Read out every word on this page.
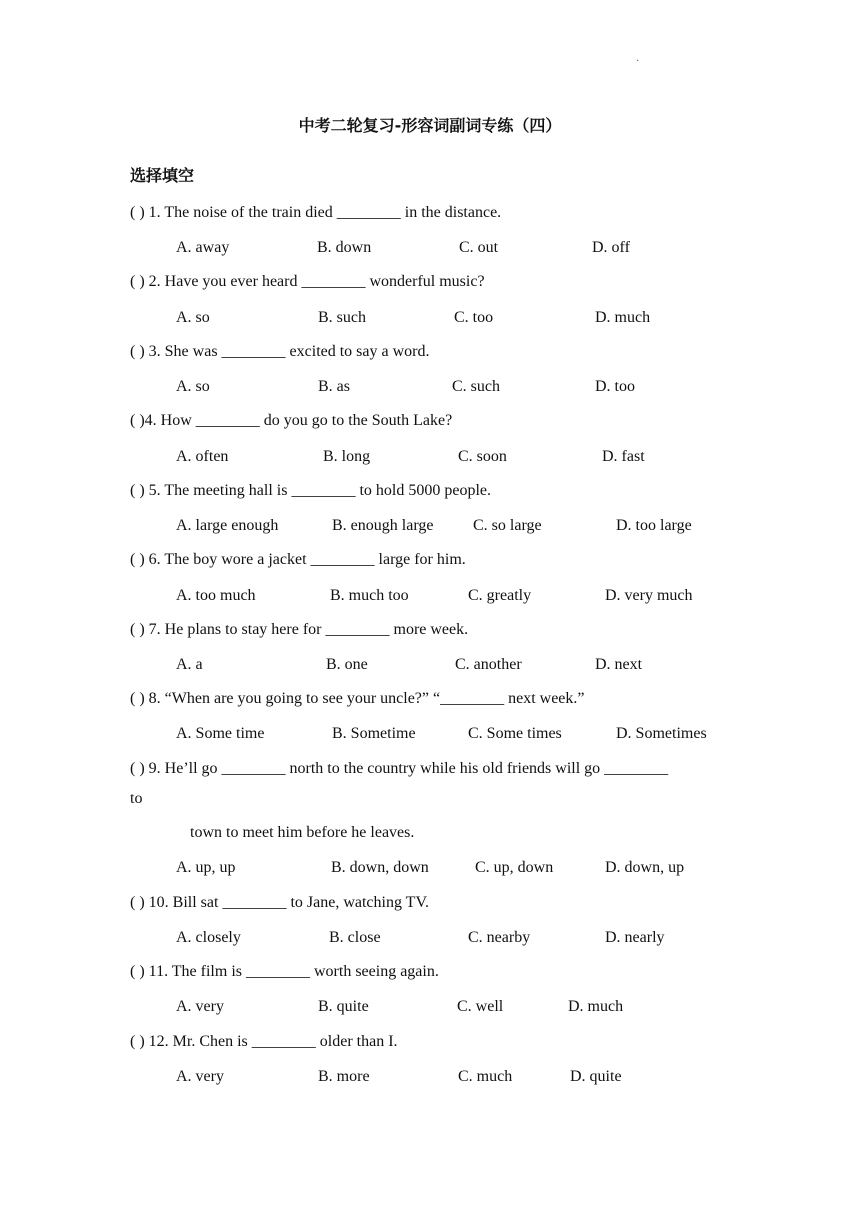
·
中考二轮复习-形容词副词专练（四）
选择填空
( ) 1. The noise of the train died ________ in the distance.
A. away	B. down	C. out	D. off
( ) 2. Have you ever heard ________ wonderful music?
A. so	B. such	C. too	D. much
( ) 3. She was ________ excited to say a word.
A. so	B. as	C. such	D. too
( )4. How ________ do you go to the South Lake?
A. often	B. long	C. soon	D. fast
( ) 5. The meeting hall is ________ to hold 5000 people.
A. large enough	B. enough large C. so large	D. too large
( ) 6. The boy wore a jacket ________ large for him.
A. too much	B. much too	C. greatly	D. very much
( ) 7. He plans to stay here for ________ more week.
A. a	B. one	C. another	D. next
( ) 8. “When are you going to see your uncle?” “________ next week.”
A. Some time	B. Sometime	C. Some times	D. Sometimes
( ) 9. He’ll go ________ north to the country while his old friends will go ________
to
town to meet him before he leaves.
A. up, up	B. down, down	C. up, down	D. down, up
( ) 10. Bill sat ________ to Jane, watching TV.
A. closely	B. close	C. nearby	D. nearly
( ) 11. The film is ________ worth seeing again.
A. very	B. quite	C. well	D. much
( ) 12. Mr. Chen is ________ older than I.
A. very	B. more	C. much	D. quite
